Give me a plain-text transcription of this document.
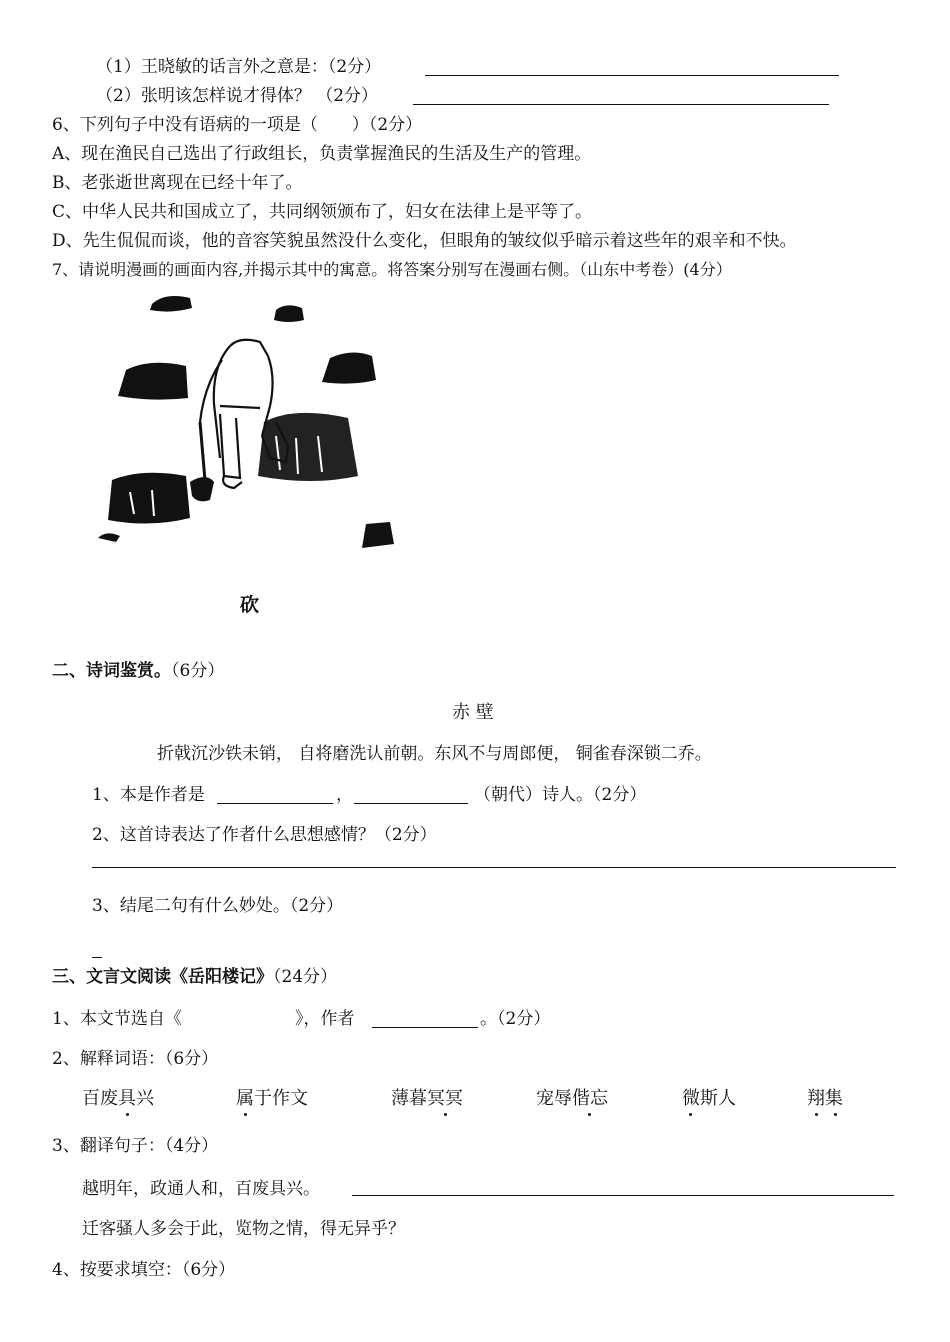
（1）王晓敏的话言外之意是：（2分）
（2）张明该怎样说才得体？ （2分）
6、下列句子中没有语病的一项是（　　）（2分）
A、现在渔民自己选出了行政组长，负责掌握渔民的生活及生产的管理。
B、老张逝世离现在已经十年了。
C、中华人民共和国成立了，共同纲领颁布了，妇女在法律上是平等了。
D、先生侃侃而谈，他的音容笑貌虽然没什么变化，但眼角的皱纹似乎暗示着这些年的艰辛和不快。
7、请说明漫画的画面内容,并揭示其中的寓意。将答案分别写在漫画右侧。（山东中考卷）(4分）
砍
二、诗词鉴赏。（6分）
赤 壁
折戟沉沙铁未销， 自将磨洗认前朝。东风不与周郎便， 铜雀春深锁二乔。
1、本是作者是	，	（朝代）诗人。（2分）
2、这首诗表达了作者什么思想感情？（2分）
3、结尾二句有什么妙处。（2分）
三、文言文阅读《岳阳楼记》（24分）
1、本文节选自《	》，作者	。（2分）
2、解释词语：（6分）
百废具兴	属于作文	薄暮冥冥	宠辱偕忘	微斯人	翔集
3、翻译句子：（4分）
越明年，政通人和，百废具兴。
迁客骚人多会于此，览物之情，得无异乎？
4、按要求填空：（6分）
